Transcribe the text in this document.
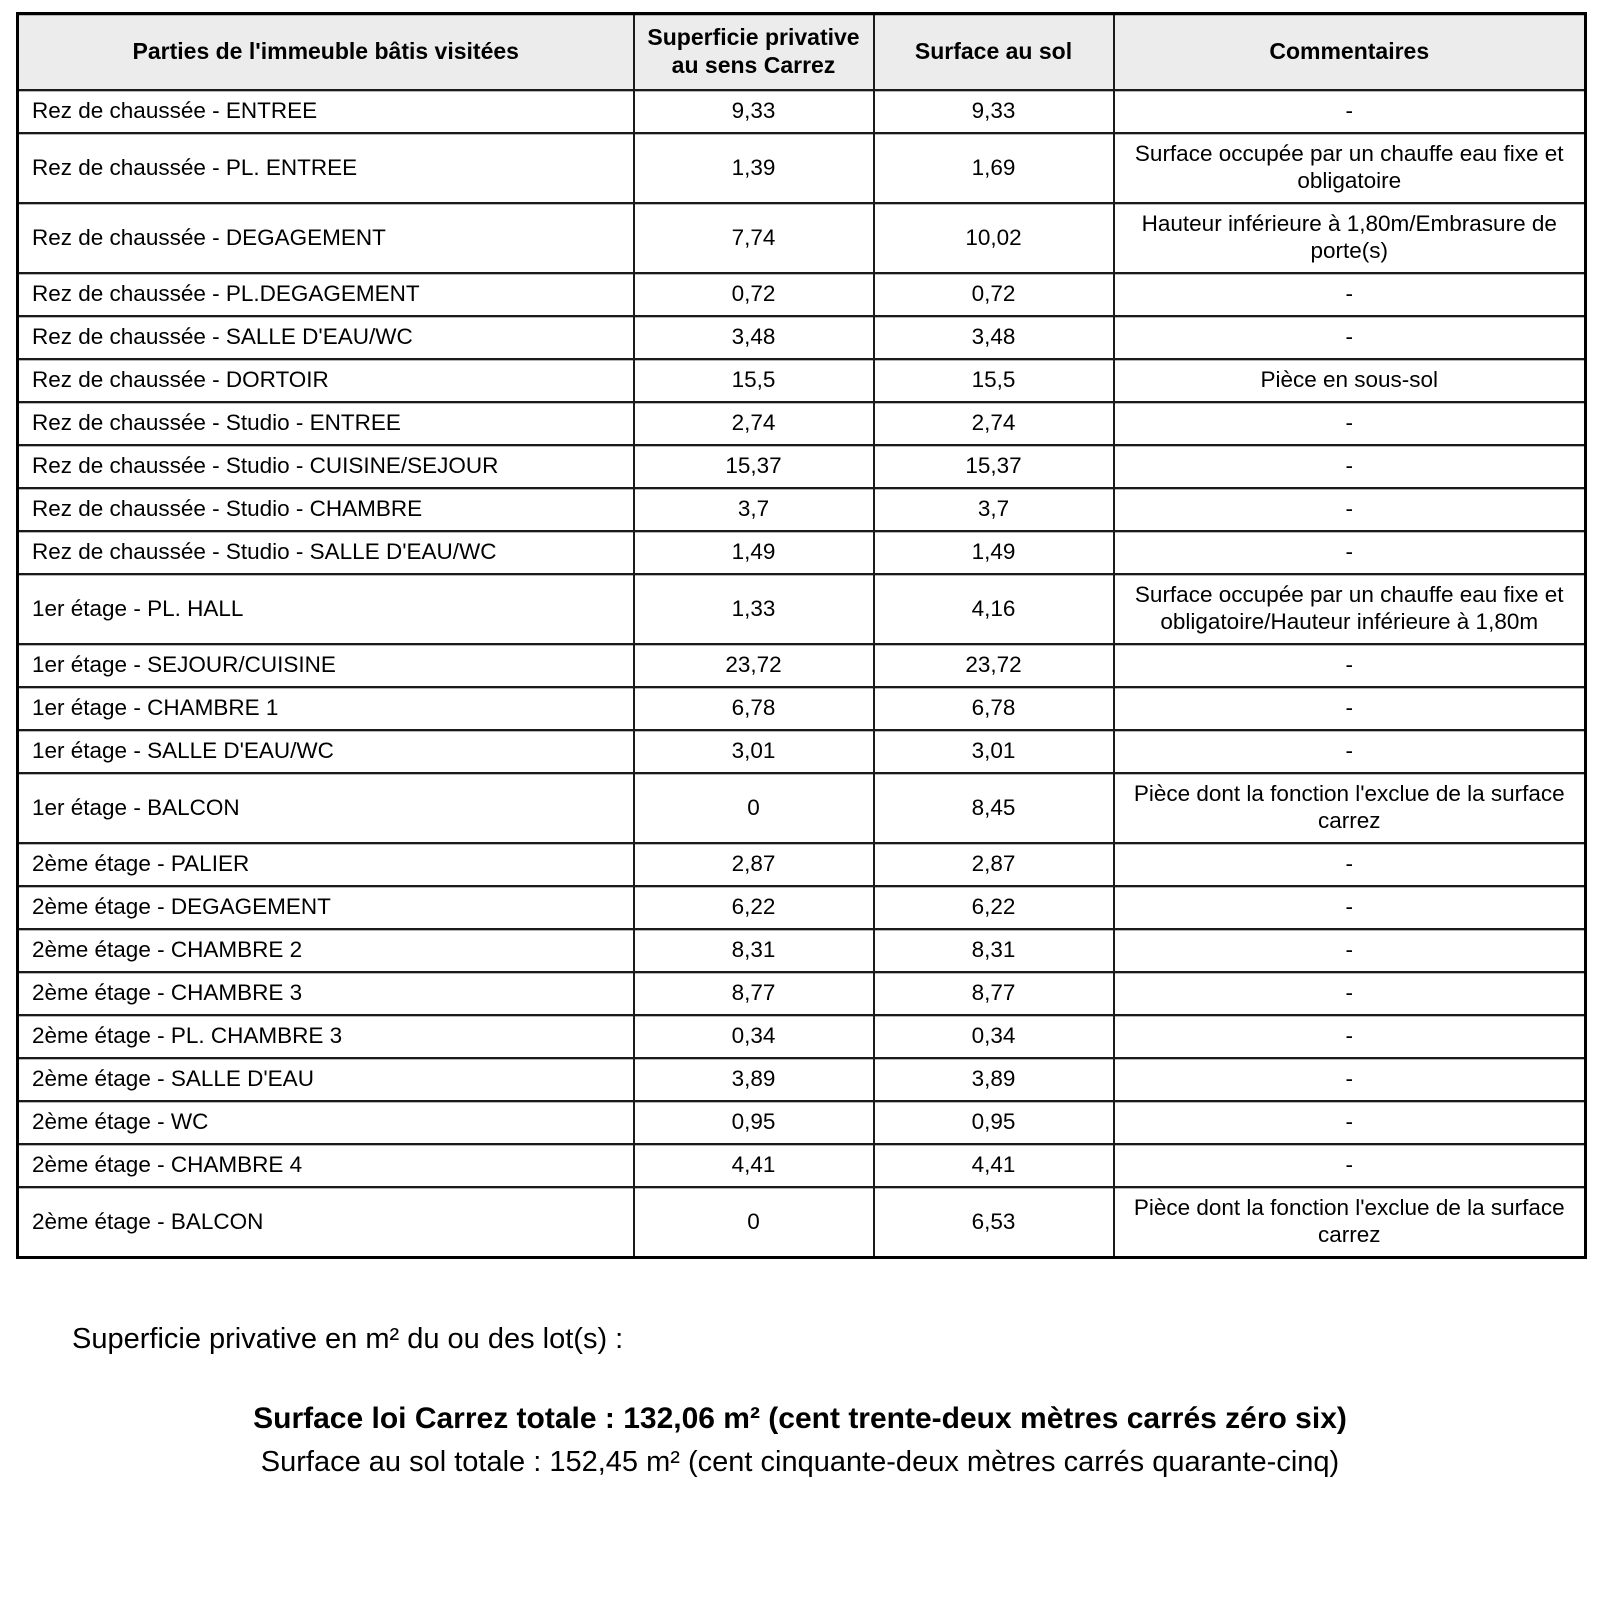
Parties de l'immeuble bâtis visitées	Superficie privative au sens Carrez	Surface au sol	Commentaires
Rez de chaussée - ENTREE	9,33	9,33	-
Rez de chaussée - PL. ENTREE	1,39	1,69	Surface occupée par un chauffe eau fixe et obligatoire
Rez de chaussée - DEGAGEMENT	7,74	10,02	Hauteur inférieure à 1,80m/Embrasure de porte(s)
Rez de chaussée - PL.DEGAGEMENT	0,72	0,72	-
Rez de chaussée - SALLE D'EAU/WC	3,48	3,48	-
Rez de chaussée - DORTOIR	15,5	15,5	Pièce en sous-sol
Rez de chaussée - Studio - ENTREE	2,74	2,74	-
Rez de chaussée - Studio - CUISINE/SEJOUR	15,37	15,37	-
Rez de chaussée - Studio - CHAMBRE	3,7	3,7	-
Rez de chaussée - Studio - SALLE D'EAU/WC	1,49	1,49	-
1er étage - PL. HALL	1,33	4,16	Surface occupée par un chauffe eau fixe et obligatoire/Hauteur inférieure à 1,80m
1er étage - SEJOUR/CUISINE	23,72	23,72	-
1er étage - CHAMBRE 1	6,78	6,78	-
1er étage - SALLE D'EAU/WC	3,01	3,01	-
1er étage - BALCON	0	8,45	Pièce dont la fonction l'exclue de la surface carrez
2ème étage - PALIER	2,87	2,87	-
2ème étage - DEGAGEMENT	6,22	6,22	-
2ème étage - CHAMBRE 2	8,31	8,31	-
2ème étage - CHAMBRE 3	8,77	8,77	-
2ème étage - PL. CHAMBRE 3	0,34	0,34	-
2ème étage - SALLE D'EAU	3,89	3,89	-
2ème étage - WC	0,95	0,95	-
2ème étage - CHAMBRE 4	4,41	4,41	-
2ème étage - BALCON	0	6,53	Pièce dont la fonction l'exclue de la surface carrez

Superficie privative en m² du ou des lot(s) :

Surface loi Carrez totale : 132,06 m² (cent trente-deux mètres carrés zéro six)

Surface au sol totale : 152,45 m² (cent cinquante-deux mètres carrés quarante-cinq)
